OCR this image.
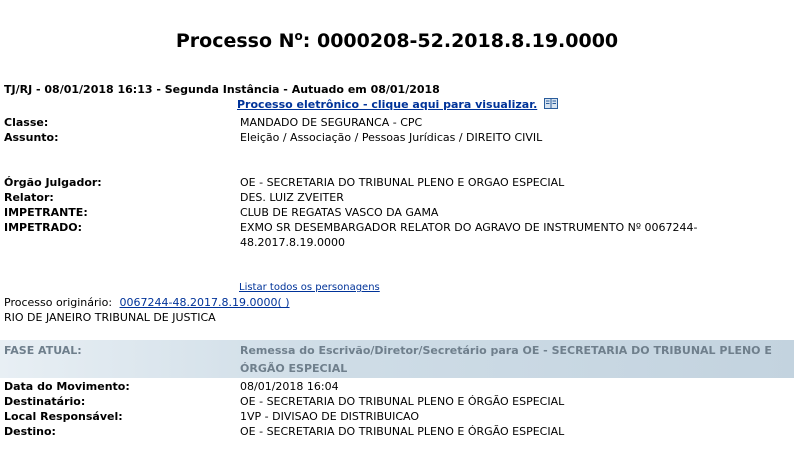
Processo $N^o$: 0000208-52.2018.8.19.0000
TJ/RJ - 08/01/2018 16:13 - Segunda Instância - Autuado em 08/01/2018
Processo eletrônico - clique aqui para visualizar.
Classe:	MANDADO DE SEGURANCA - CPC
Assunto:	Eleição / Associação / Pessoas Jurídicas / DIREITO CIVIL
Órgão Julgador:	OE - SECRETARIA DO TRIBUNAL PLENO E ORGAO ESPECIAL
Relator:	DES. LUIZ ZVEITER
IMPETRANTE:	CLUB DE REGATAS VASCO DA GAMA
IMPETRADO:	EXMO SR DESEMBARGADOR RELATOR DO AGRAVO DE INSTRUMENTO Nº 0067244-
48.2017.8.19.0000
Listar todos os personagens
Processo originário: 0067244-48.2017.8.19.0000( )
RIO DE JANEIRO TRIBUNAL DE JUSTICA
FASE ATUAL:	Remessa do Escrivão/Diretor/Secretário para OE - SECRETARIA DO TRIBUNAL PLENO E ÓRGÃO ESPECIAL
Data do Movimento:	08/01/2018 16:04
Destinatário:	OE - SECRETARIA DO TRIBUNAL PLENO E ÓRGÃO ESPECIAL
Local Responsável:	1VP - DIVISAO DE DISTRIBUICAO
Destino:	OE - SECRETARIA DO TRIBUNAL PLENO E ÓRGÃO ESPECIAL
